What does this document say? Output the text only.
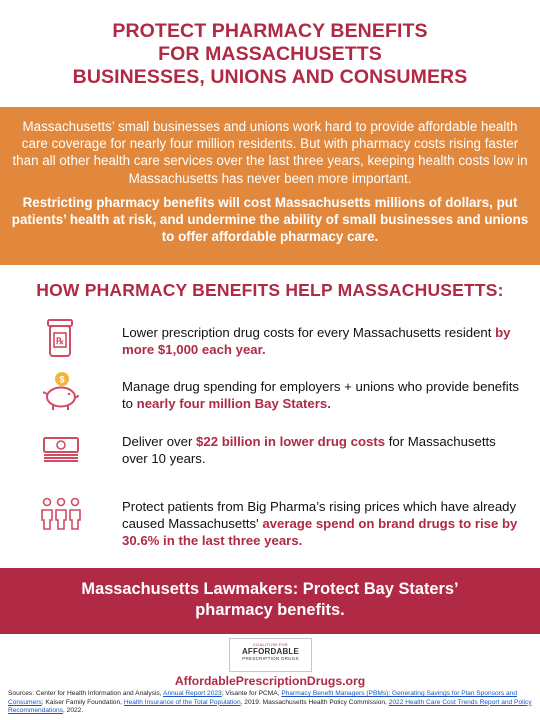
PROTECT PHARMACY BENEFITS
FOR MASSACHUSETTS
BUSINESSES, UNIONS AND CONSUMERS

Massachusetts’ small businesses and unions work hard to provide affordable health care coverage for nearly four million residents. But with pharmacy costs rising faster than all other health care services over the last three years, keeping health costs low in Massachusetts has never been more important.

Restricting pharmacy benefits will cost Massachusetts millions of dollars, put patients’ health at risk, and undermine the ability of small businesses and unions to offer affordable pharmacy care.

HOW PHARMACY BENEFITS HELP MASSACHUSETTS:
℞
Lower prescription drug costs for every Massachusetts resident by more $1,000 each year.
$	Manage drug spending for employers + unions who provide benefits to nearly four million Bay Staters.
Deliver over $22 billion in lower drug costs for Massachusetts over 10 years.
Protect patients from Big Pharma’s rising prices which have already caused Massachusetts' average spend on brand drugs to rise by 30.6% in the last three years.
Massachusetts Lawmakers: Protect Bay Staters’
pharmacy benefits.
COALITION FOR
AFFORDABLE
PRESCRIPTION DRUGS
AffordablePrescriptionDrugs.org
Sources: Center for Health Information and Analysis, Annual Report 2023; Visante for PCMA, Pharmacy Benefit Managers (PBMs): Generating Savings for Plan Sponsors and Consumers; Kaiser Family Foundation, Health Insurance of the Total Population, 2019. Massachusetts Health Policy Commission, 2022 Health Care Cost Trends Report and Policy Recommendations, 2022.
